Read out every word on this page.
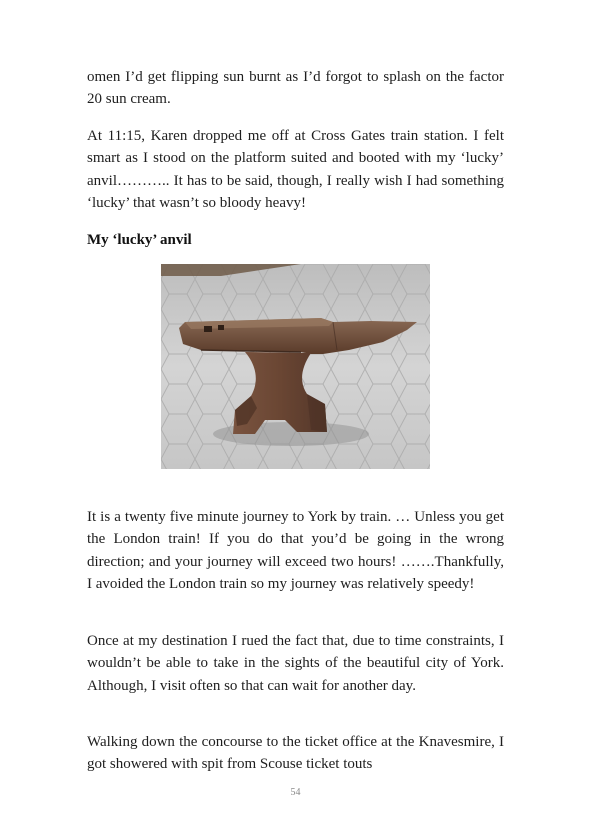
omen I’d get flipping sun burnt as I’d forgot to splash on the factor 20 sun cream.
At 11:15, Karen dropped me off at Cross Gates train station. I felt smart as I stood on the platform suited and booted with my ‘lucky’ anvil……….. It has to be said, though, I really wish I had something ‘lucky’ that wasn’t so bloody heavy!
My ‘lucky’ anvil
It is a twenty five minute journey to York by train. … Unless you get the London train! If you do that you’d be going in the wrong direction; and your journey will exceed two hours! …….Thankfully, I avoided the London train so my journey was relatively speedy!
Once at my destination I rued the fact that, due to time constraints, I wouldn’t be able to take in the sights of the beautiful city of York. Although, I visit often so that can wait for another day.
Walking down the concourse to the ticket office at the Knavesmire, I got showered with spit from Scouse ticket touts
54
